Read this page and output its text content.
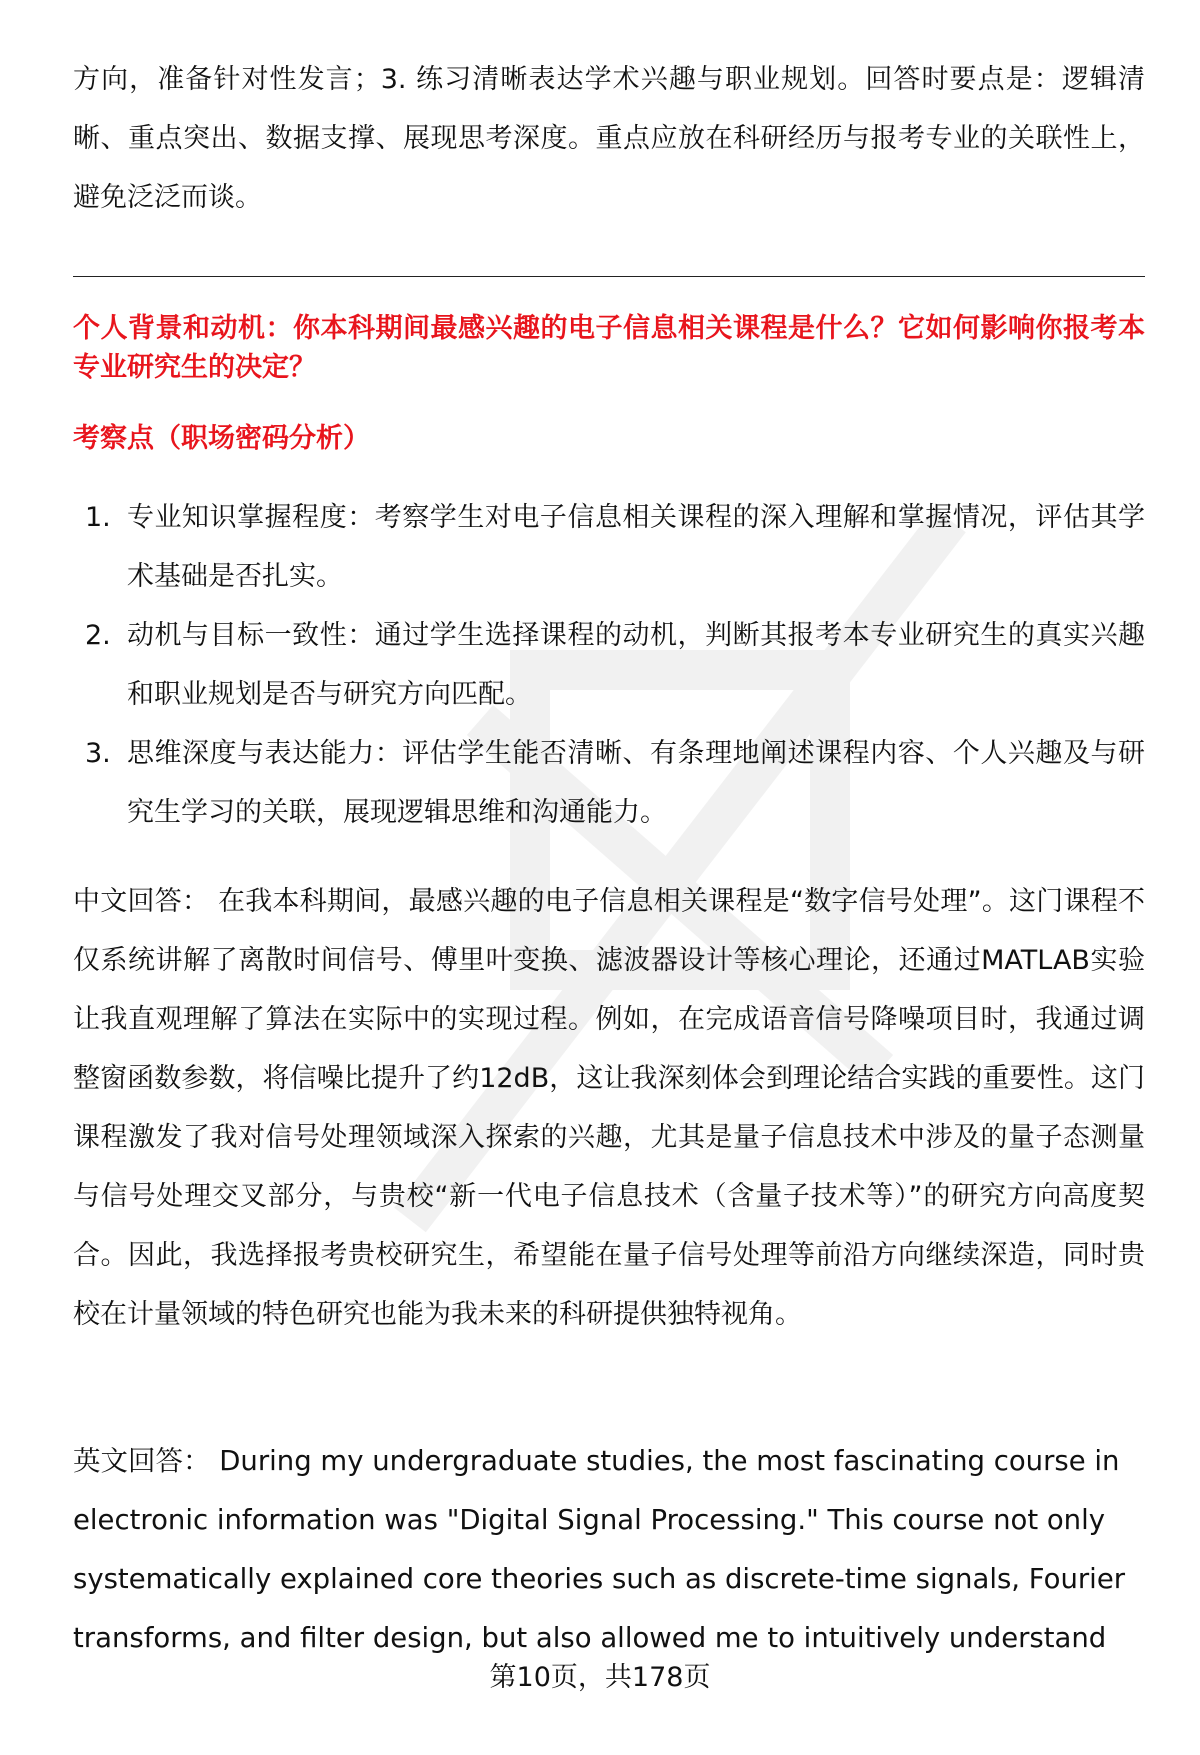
方向，准备针对性发言；3. 练习清晰表达学术兴趣与职业规划。回答时要点是：逻辑清晰、重点突出、数据支撑、展现思考深度。重点应放在科研经历与报考专业的关联性上，避免泛泛而谈。
个人背景和动机：你本科期间最感兴趣的电子信息相关课程是什么？它如何影响你报考本专业研究生的决定？
考察点（职场密码分析）
1. 专业知识掌握程度：考察学生对电子信息相关课程的深入理解和掌握情况，评估其学术基础是否扎实。
2. 动机与目标一致性：通过学生选择课程的动机，判断其报考本专业研究生的真实兴趣和职业规划是否与研究方向匹配。
3. 思维深度与表达能力：评估学生能否清晰、有条理地阐述课程内容、个人兴趣及与研究生学习的关联，展现逻辑思维和沟通能力。
中文回答： 在我本科期间，最感兴趣的电子信息相关课程是“数字信号处理”。这门课程不仅系统讲解了离散时间信号、傅里叶变换、滤波器设计等核心理论，还通过MATLAB实验让我直观理解了算法在实际中的实现过程。例如，在完成语音信号降噪项目时，我通过调整窗函数参数，将信噪比提升了约12dB，这让我深刻体会到理论结合实践的重要性。这门课程激发了我对信号处理领域深入探索的兴趣，尤其是量子信息技术中涉及的量子态测量与信号处理交叉部分，与贵校“新一代电子信息技术（含量子技术等）”的研究方向高度契合。因此，我选择报考贵校研究生，希望能在量子信号处理等前沿方向继续深造，同时贵校在计量领域的特色研究也能为我未来的科研提供独特视角。
英文回答： During my undergraduate studies, the most fascinating course in electronic information was "Digital Signal Processing." This course not only systematically explained core theories such as discrete-time signals, Fourier transforms, and filter design, but also allowed me to intuitively understand
第10页，共178页
